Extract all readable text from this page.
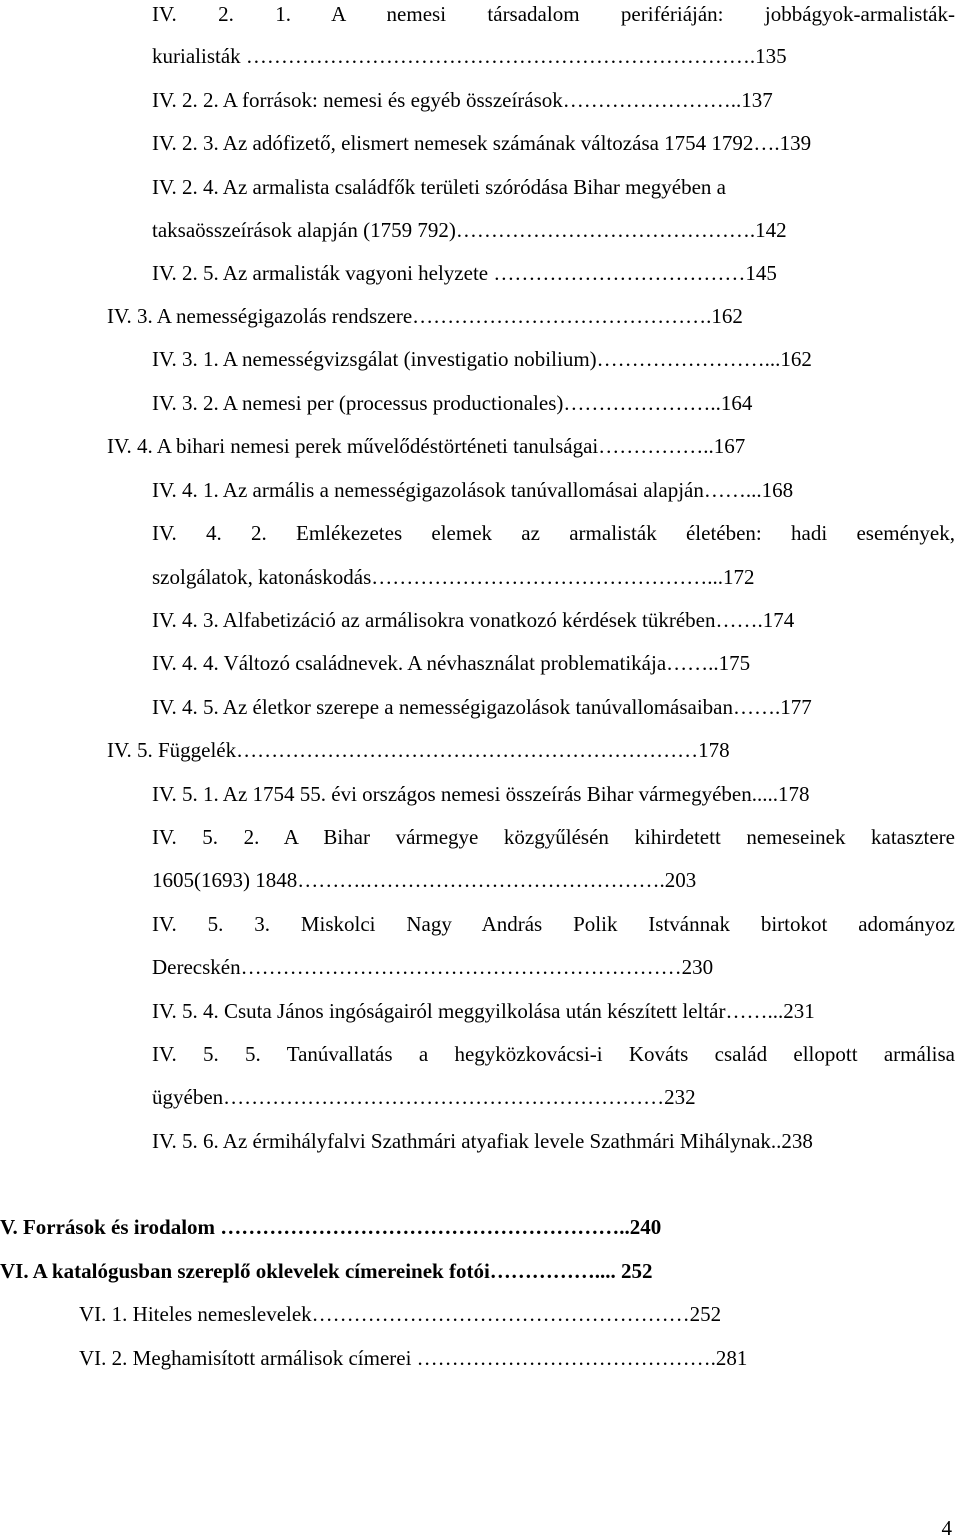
IV. 2. 1. A nemesi társadalom perifériáján: jobbágyok-armalisták-
kurialisták ……………………………………………………………….135
IV. 2. 2. A források: nemesi és egyéb összeírások……………………..137
IV. 2. 3. Az adófizető, elismert nemesek számának változása 1754 1792….139
IV. 2. 4. Az armalista családfők területi szóródása Bihar megyében a
taksaösszeírások alapján (1759 792)…………………………………….142
IV. 2. 5. Az armalisták vagyoni helyzete ………………………………145
IV. 3. A nemességigazolás rendszere…………………………………….162
IV. 3. 1. A nemességvizsgálat (investigatio nobilium)……………………...162
IV. 3. 2. A nemesi per (processus productionales)…………………..164
IV. 4. A bihari nemesi perek művelődéstörténeti tanulságai……………..167
IV. 4. 1. Az armális a nemességigazolások tanúvallomásai alapján……...168
IV. 4. 2. Emlékezetes elemek az armalisták életében: hadi események,
szolgálatok, katonáskodás…………………………………………...172
IV. 4. 3. Alfabetizáció az armálisokra vonatkozó kérdések tükrében…….174
IV. 4. 4. Változó családnevek. A névhasználat problematikája……..175
IV. 4. 5. Az életkor szerepe a nemességigazolások tanúvallomásaiban…….177
IV. 5. Függelék…………………………………………………………178
IV. 5. 1. Az 1754 55. évi országos nemesi összeírás Bihar vármegyében.....178
IV. 5. 2. A Bihar vármegye közgyűlésén kihirdetett nemeseinek katasztere
1605(1693) 1848……….…………………………………….203
IV. 5. 3. Miskolci Nagy András Polik Istvánnak birtokot adományoz
Derecskén………………………………………………………230
IV. 5. 4. Csuta János ingóságairól meggyilkolása után készített leltár……...231
IV. 5. 5. Tanúvallatás a hegyközkovácsi-i Kováts család ellopott armálisa
ügyében………………………………………………………232
IV. 5. 6. Az érmihályfalvi Szathmári atyafiak levele Szathmári Mihálynak..238
V. Források és irodalom …………………………………………………..240
VI. A katalógusban szereplő oklevelek címereinek fotói…………….... 252
VI. 1. Hiteles nemeslevelek………………………………………………252
VI. 2. Meghamisított armálisok címerei …………………………………….281
4
